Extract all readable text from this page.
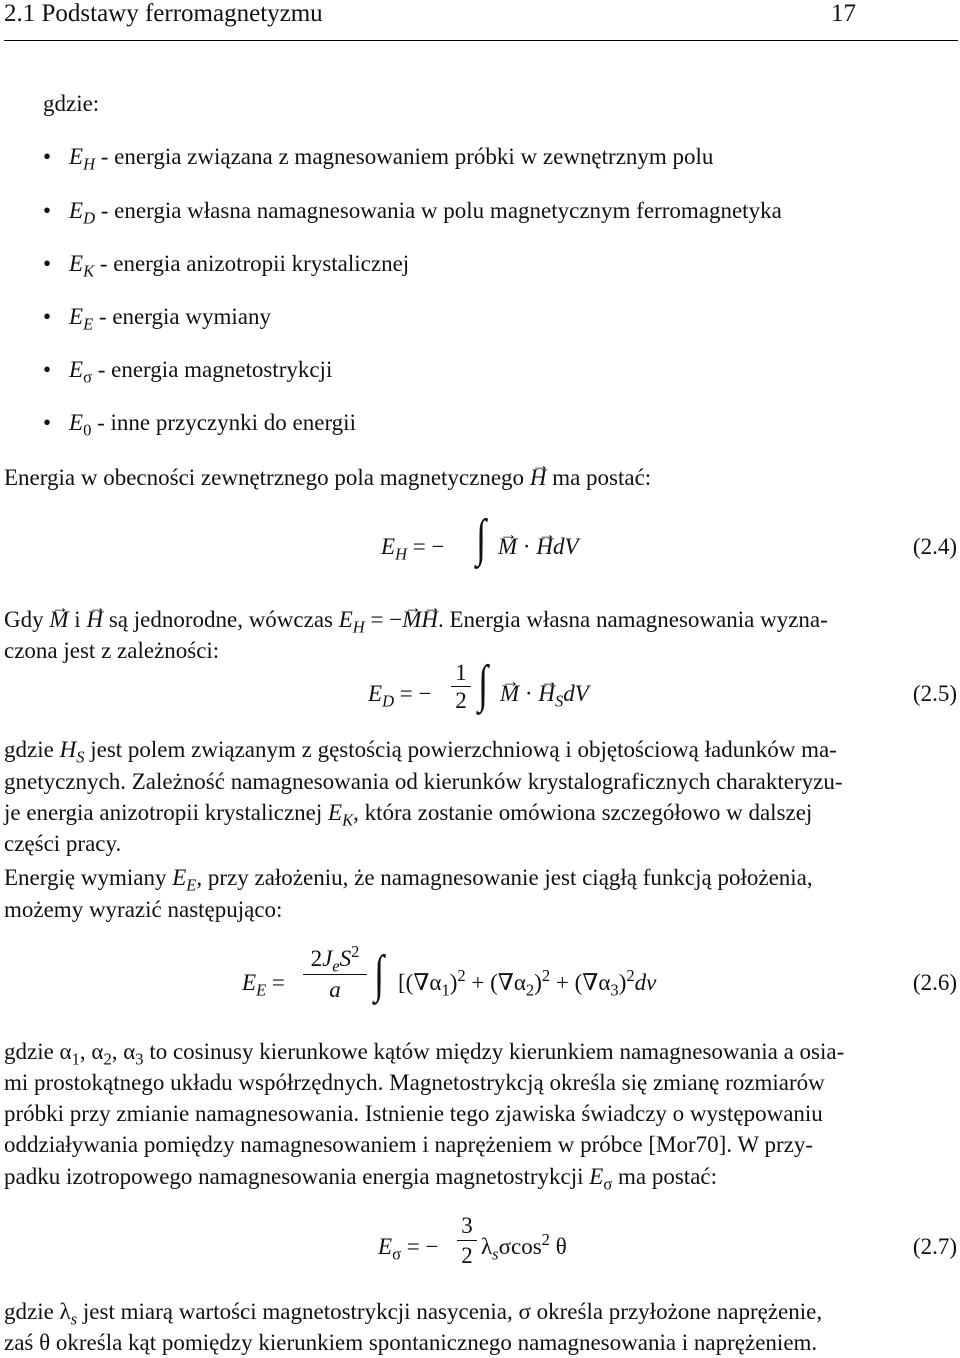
2.1 Podstawy ferromagnetyzmu	17
gdzie:
• $E_H$ - energia związana z magnesowaniem próbki w zewnętrznym polu
• $E_D$ - energia własna namagnesowania w polu magnetycznym ferromagnetyka
• $E_K$ - energia anizotropii krystalicznej
• $E_E$ - energia wymiany
• $E_\sigma$ - energia magnetostrykcji
• $E_0$ - inne przyczynki do energii
Energia w obecności zewnętrznego pola magnetycznego → H ma postać:
$E_H$ = − ∫ → M · → HdV	(2.4)
Gdy → M i → H są jednorodne, wówczas $E_H$ = −→ M→ H. Energia własna namagnesowania wyzna-
czona jest z zależności:
$E_D$ = − $\frac{1}{2}$ ∫ → M · → $H_SdV$	(2.5)
gdzie $H_S$ jest polem związanym z gęstością powierzchniową i objętościową ładunków ma-
gnetycznych. Zależność namagnesowania od kierunków krystalograficznych charakteryzu-
je energia anizotropii krystalicznej $E_K$, która zostanie omówiona szczegółowo w dalszej
części pracy.
Energię wymiany $E_E$, przy założeniu, że namagnesowanie jest ciągłą funkcją położenia,
możemy wyrazić następująco:
$E_E$ =
$2J_eS^2$
a ∫ [$(\nabla\alpha_1)^2 + (\nabla\alpha_2)^2 + (\nabla\alpha_3)^2dv$	(2.6)
gdzie $\alpha_1$, $\alpha_2$, $\alpha_3$ to cosinusy kierunkowe kątów między kierunkiem namagnesowania a osia-
mi prostokątnego układu współrzędnych. Magnetostrykcją określa się zmianę rozmiarów
próbki przy zmianie namagnesowania. Istnienie tego zjawiska świadczy o występowaniu
oddziaływania pomiędzy namagnesowaniem i naprężeniem w próbce [Mor70]. W przy-
padku izotropowego namagnesowania energia magnetostrykcji $E_\sigma$ ma postać:
$E_\sigma$ = − $\frac{3}{2} \lambda_s\sigma\cos^2$ θ	(2.7)
gdzie $\lambda_s$ jest miarą wartości magnetostrykcji nasycenia, σ określa przyłożone naprężenie,
zaś θ określa kąt pomiędzy kierunkiem spontanicznego namagnesowania i naprężeniem.
